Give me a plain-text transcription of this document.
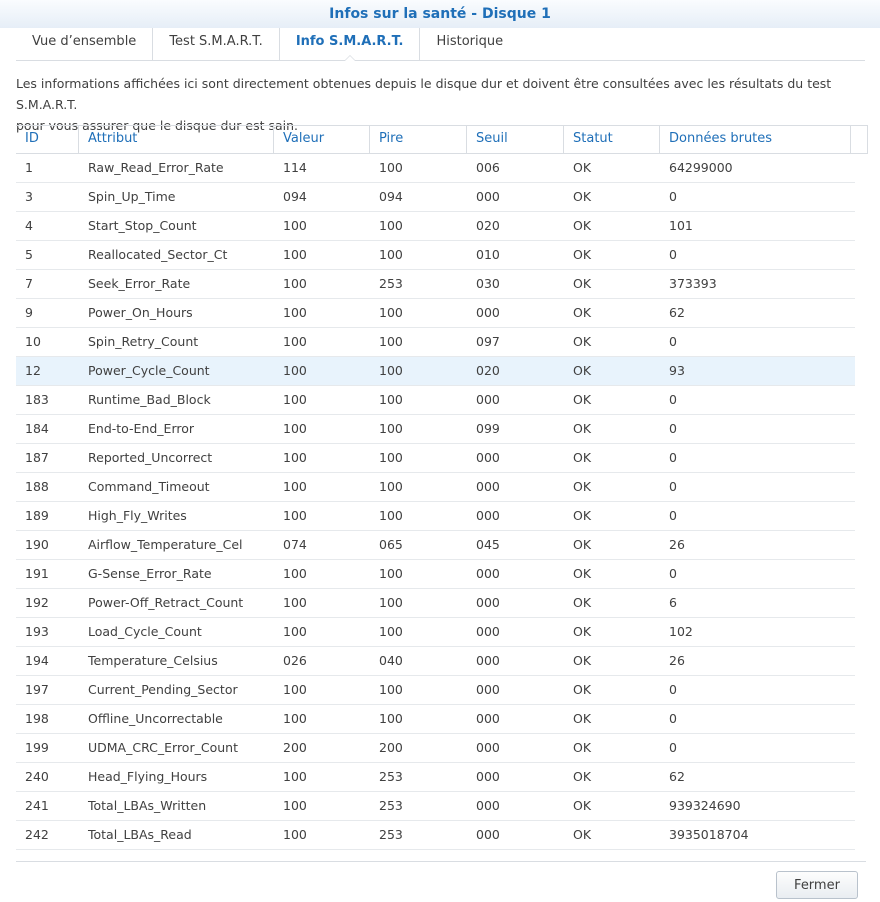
Infos sur la santé - Disque 1
Vue d’ensemble	Test S.M.A.R.T.	Info S.M.A.R.T.	Historique
Les informations affichées ici sont directement obtenues depuis le disque dur et doivent être consultées avec les résultats du test S.M.A.R.T.
pour vous assurer que le disque dur est sain.
ID	Attribut	Valeur	Pire	Seuil	Statut	Données brutes
1	Raw_Read_Error_Rate	114	100	006	OK	64299000
3	Spin_Up_Time	094	094	000	OK	0
4	Start_Stop_Count	100	100	020	OK	101
5	Reallocated_Sector_Ct	100	100	010	OK	0
7	Seek_Error_Rate	100	253	030	OK	373393
9	Power_On_Hours	100	100	000	OK	62
10	Spin_Retry_Count	100	100	097	OK	0
12	Power_Cycle_Count	100	100	020	OK	93
183	Runtime_Bad_Block	100	100	000	OK	0
184	End-to-End_Error	100	100	099	OK	0
187	Reported_Uncorrect	100	100	000	OK	0
188	Command_Timeout	100	100	000	OK	0
189	High_Fly_Writes	100	100	000	OK	0
190	Airflow_Temperature_Cel	074	065	045	OK	26
191	G-Sense_Error_Rate	100	100	000	OK	0
192	Power-Off_Retract_Count	100	100	000	OK	6
193	Load_Cycle_Count	100	100	000	OK	102
194	Temperature_Celsius	026	040	000	OK	26
197	Current_Pending_Sector	100	100	000	OK	0
198	Offline_Uncorrectable	100	100	000	OK	0
199	UDMA_CRC_Error_Count	200	200	000	OK	0
240	Head_Flying_Hours	100	253	000	OK	62
241	Total_LBAs_Written	100	253	000	OK	939324690
242	Total_LBAs_Read	100	253	000	OK	3935018704
Fermer
